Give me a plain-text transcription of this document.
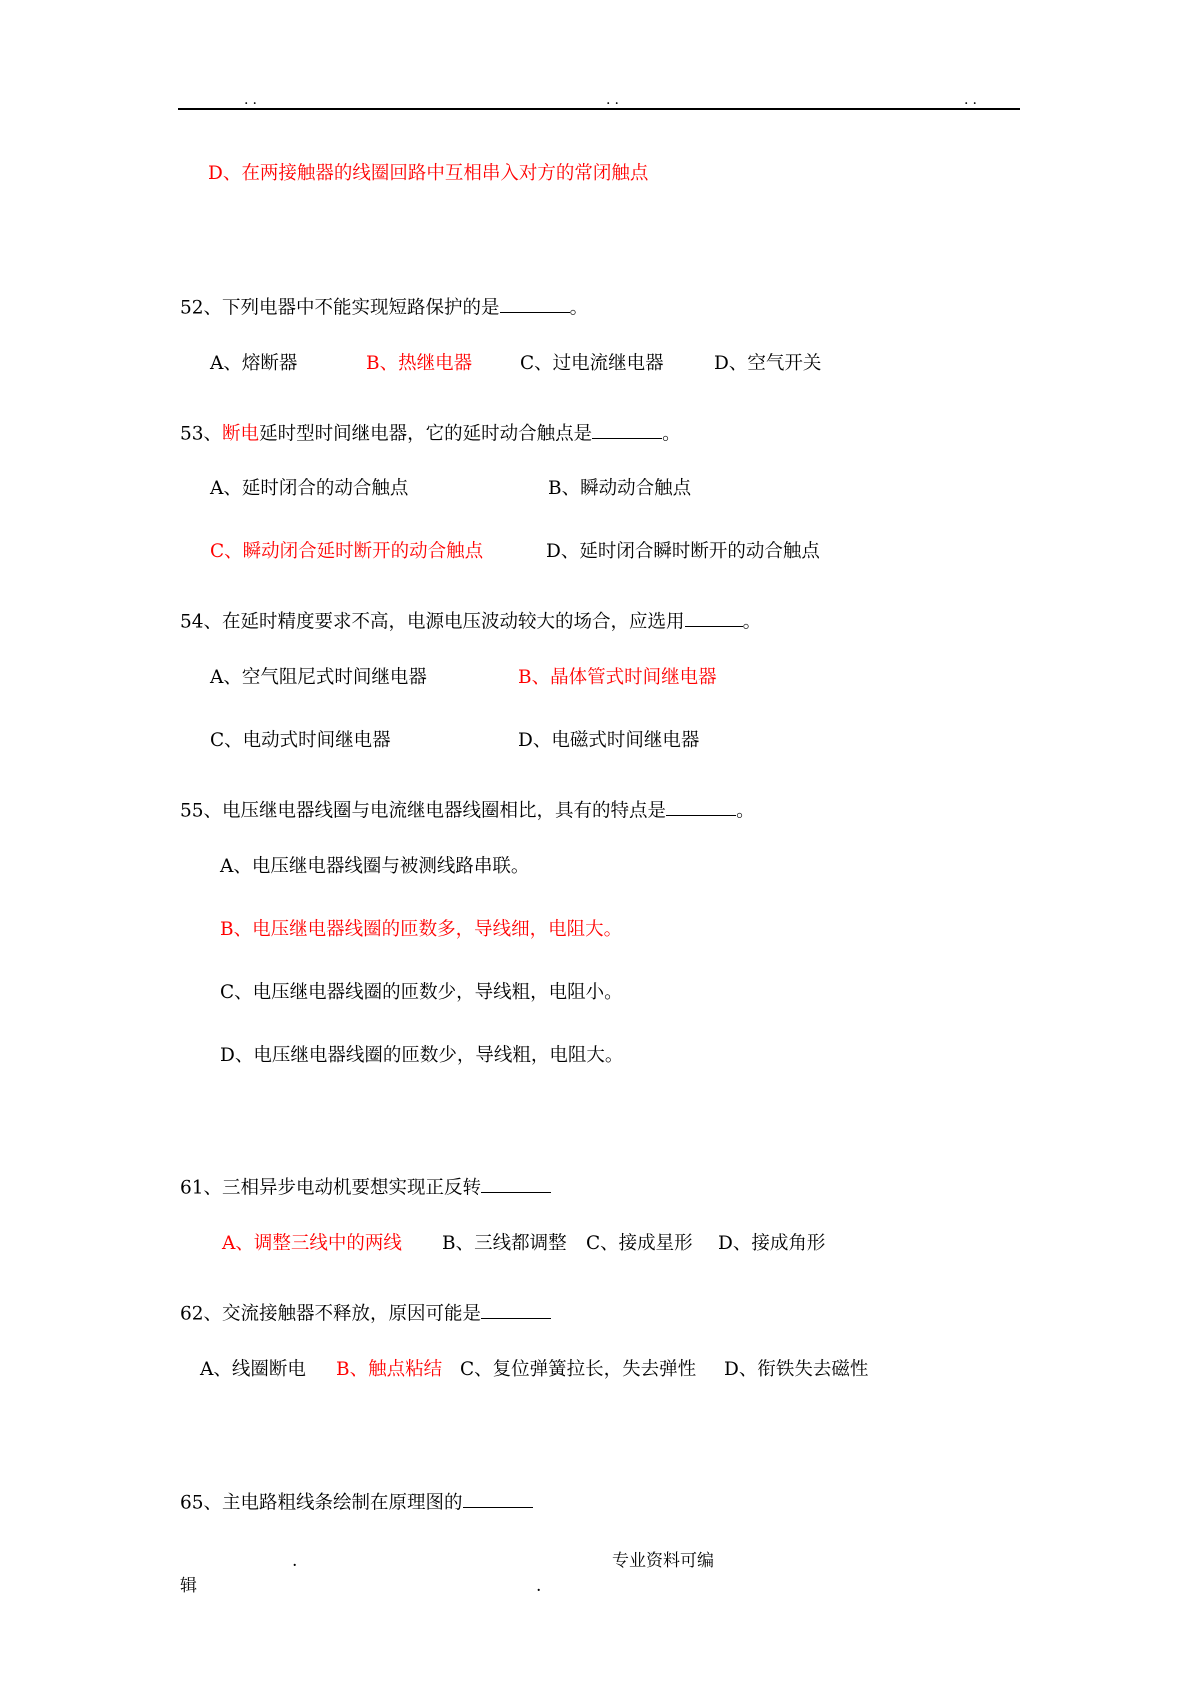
..	..	..
D、在两接触器的线圈回路中互相串入对方的常闭触点
52、下列电器中不能实现短路保护的是	。
A、熔断器	B、热继电器	C、过电流继电器	D、空气开关
53、断电延时型时间继电器，它的延时动合触点是	。
A、延时闭合的动合触点	B、瞬动动合触点
C、瞬动闭合延时断开的动合触点	D、延时闭合瞬时断开的动合触点
54、在延时精度要求不高，电源电压波动较大的场合，应选用	。
A、空气阻尼式时间继电器	B、晶体管式时间继电器
C、电动式时间继电器	D、电磁式时间继电器
55、电压继电器线圈与电流继电器线圈相比，具有的特点是	。
A、电压继电器线圈与被测线路串联。
B、电压继电器线圈的匝数多，导线细，电阻大。
C、电压继电器线圈的匝数少，导线粗，电阻小。
D、电压继电器线圈的匝数少，导线粗，电阻大。
61、三相异步电动机要想实现正反转
A、调整三线中的两线 B、三线都调整 C、接成星形 D、接成角形
62、交流接触器不释放，原因可能是
A、线圈断电 B、触点粘结 C、复位弹簧拉长，失去弹性 D、衔铁失去磁性
65、主电路粗线条绘制在原理图的
.	专业资料可编
辑	.
